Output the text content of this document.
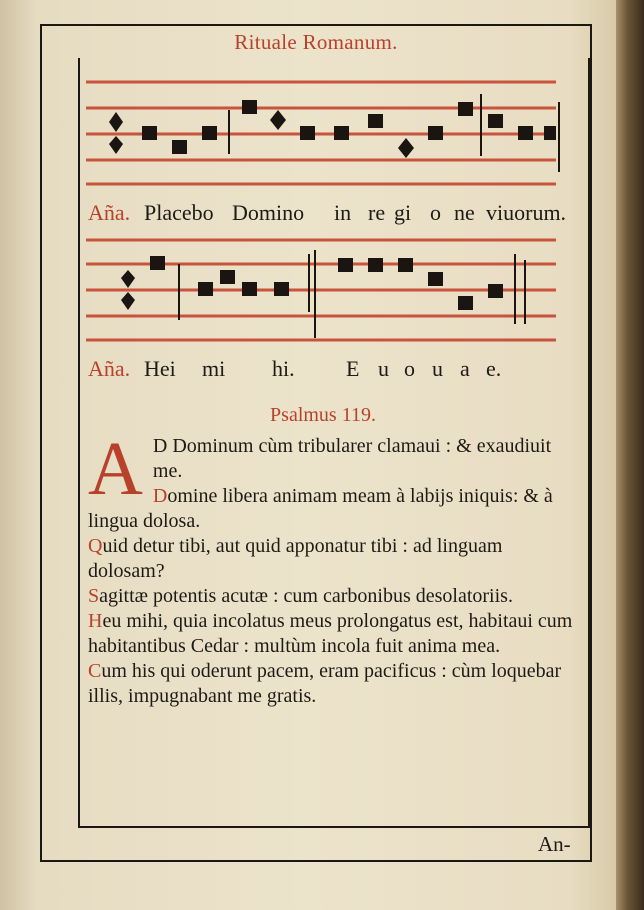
Rituale Romanum.
Aña. Placebo Domino in re gi o ne viuorum.
Aña. Hei mi hi. E u o u a e.
Psalmus 119.

A D Dominum cùm tribularer clamaui : & exaudiuit me.

Domine libera animam meam à labijs iniquis: & à lingua dolosa.

Quid detur tibi, aut quid apponatur tibi : ad linguam dolosam?

Sagittæ potentis acutæ : cum carbonibus desolatoriis.

Heu mihi, quia incolatus meus prolongatus est, habitaui cum habitantibus Cedar : multùm incola fuit anima mea.

Cum his qui oderunt pacem, eram pacificus : cùm loquebar illis, impugnabant me gratis.

An-
